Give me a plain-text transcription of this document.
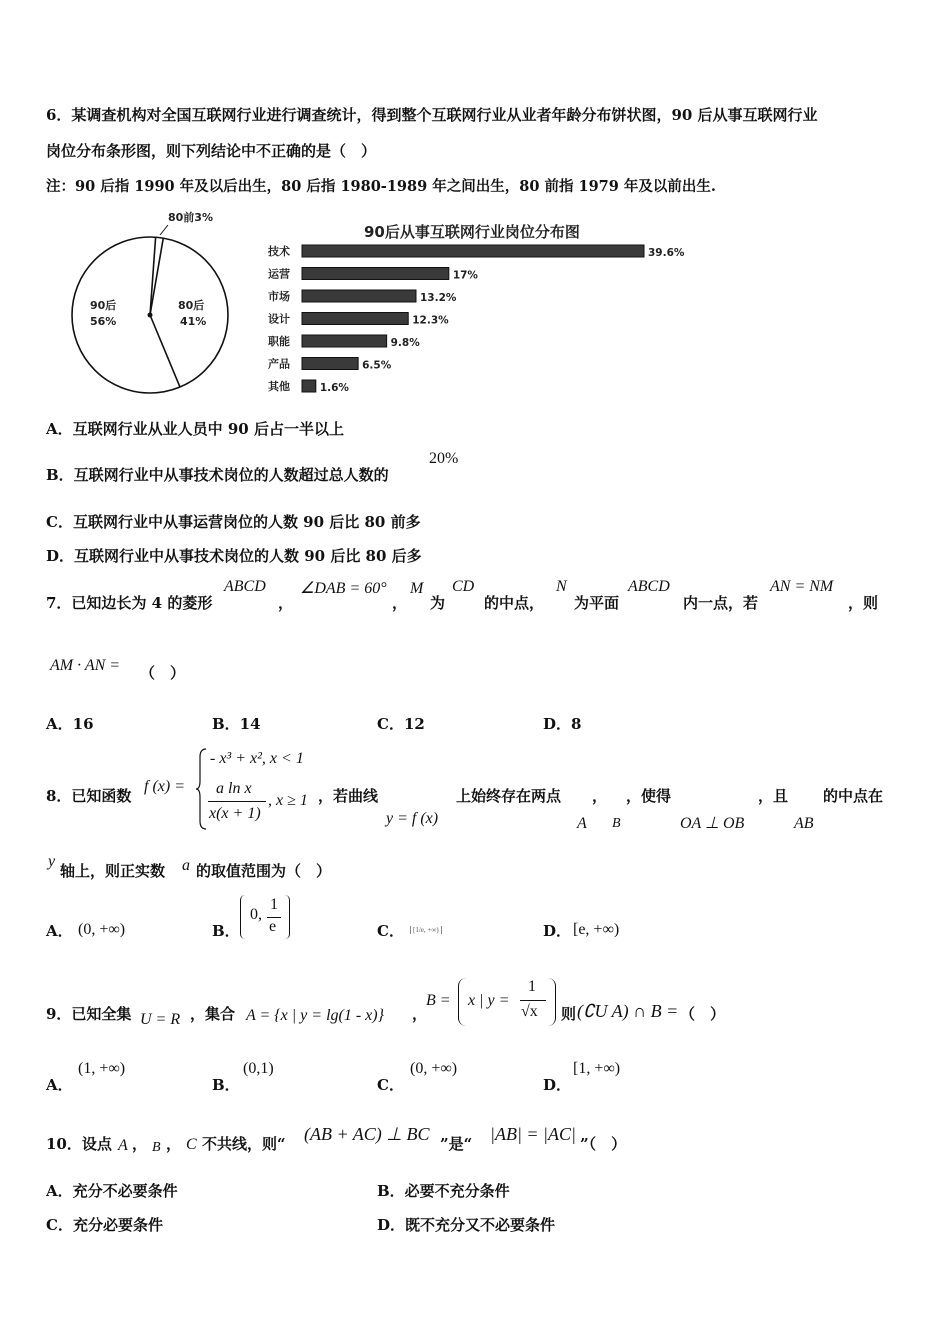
6．某调查机构对全国互联网行业进行调查统计，得到整个互联网行业从业者年龄分布饼状图，90 后从事互联网行业
岗位分布条形图，则下列结论中不正确的是（　）
注：90 后指 1990 年及以后出生，80 后指 1980-1989 年之间出生，80 前指 1979 年及以前出生.
90后
56%
80后
41%
80前3%
90后从事互联网行业岗位分布图
技术	39.6%
运营	17%
市场	13.2%
设计	12.3%
职能	9.8%
产品	6.5%
其他	1.6%
A．互联网行业从业人员中 90 后占一半以上
B．互联网行业中从事技术岗位的人数超过总人数的
20%
C．互联网行业中从事运营岗位的人数 90 后比 80 前多
D．互联网行业中从事技术岗位的人数 90 后比 80 后多
7．已知边长为 4 的菱形
ABCD
，
∠DAB = 60°
，
M
为
CD
的中点，
N
为平面
ABCD
内一点，若
AN = NM
，则
AM · AN = （　）
A．16	B．14	C．12	D．8
8．已知函数
f (x) =
- x³ + x², x < 1
a ln x
x(x + 1)
, x ≥ 1 ，若曲线
y = f (x)
上始终存在两点
A
，
B
，使得
OA ⊥ OB
，且
AB
的中点在
y
轴上，则正实数 a 的取值范围为（　）
A． (0, +∞)	B．
0,
1
e	C．	[1/e, +∞)	D． [e, +∞)
9．已知全集 U = R ，集合 A = {x | y = lg(1 - x)} ，
B = x | y =
1
√x 则 (∁U A) ∩ B = （　）
A．
(1, +∞)
B．
(0,1)
C．
(0, +∞)
D．
[1, +∞)
10．设点 A ， B ， C 不共线，则“ (AB + AC) ⊥ BC ”是“ |AB| = |AC| ”（　）
A．充分不必要条件	B．必要不充分条件
C．充分必要条件	D．既不充分又不必要条件
